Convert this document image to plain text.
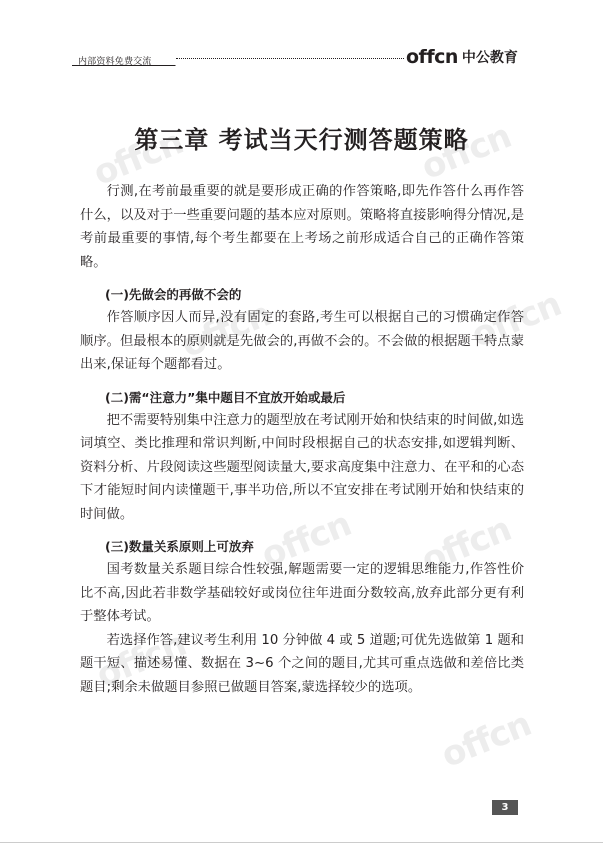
内部资料免费交流	offcn 中公教育
offcn	offcn
offcn	offcn
offcn offcn
offcn
offcn
第三章 考试当天行测答题策略

行测,在考前最重要的就是要形成正确的作答策略,即先作答什么再作答什么，以及对于一些重要问题的基本应对原则。策略将直接影响得分情况,是考前最重要的事情,每个考生都要在上考场之前形成适合自己的正确作答策略。

(一)先做会的再做不会的

作答顺序因人而异,没有固定的套路,考生可以根据自己的习惯确定作答顺序。但最根本的原则就是先做会的,再做不会的。不会做的根据题干特点蒙出来,保证每个题都看过。

(二)需“注意力”集中题目不宜放开始或最后

把不需要特别集中注意力的题型放在考试刚开始和快结束的时间做,如选词填空、类比推理和常识判断,中间时段根据自己的状态安排,如逻辑判断、资料分析、片段阅读这些题型阅读量大,要求高度集中注意力、在平和的心态下才能短时间内读懂题干,事半功倍,所以不宜安排在考试刚开始和快结束的时间做。

(三)数量关系原则上可放弃

国考数量关系题目综合性较强,解题需要一定的逻辑思维能力,作答性价比不高,因此若非数学基础较好或岗位往年进面分数较高,放弃此部分更有利于整体考试。

若选择作答,建议考生利用 10 分钟做 4 或 5 道题;可优先选做第 1 题和题干短、描述易懂、数据在 3~6 个之间的题目,尤其可重点选做和差倍比类题目;剩余未做题目参照已做题目答案,蒙选择较少的选项。

3
